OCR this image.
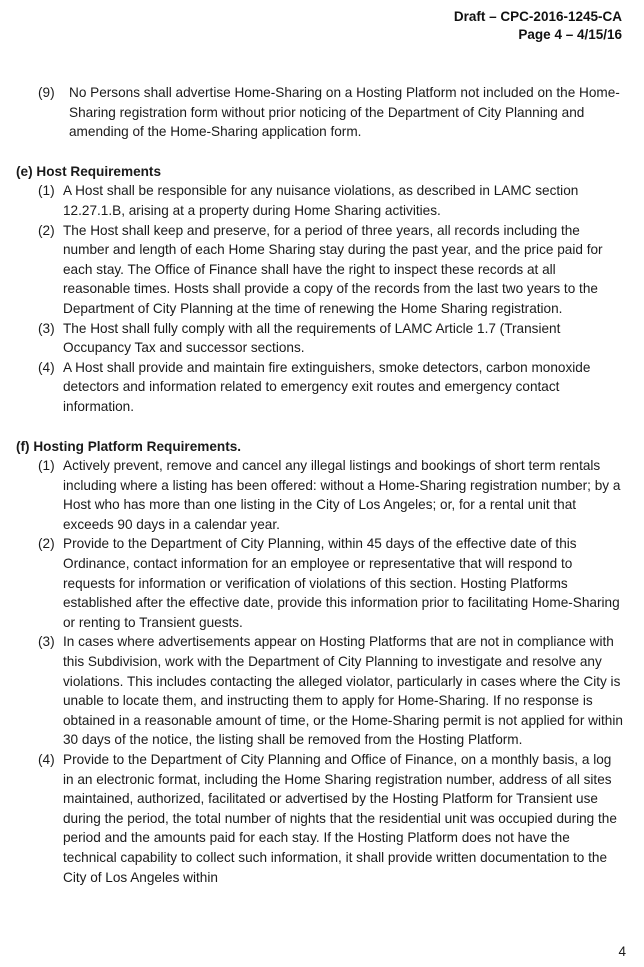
Draft – CPC-2016-1245-CA
Page 4 – 4/15/16
(9) No Persons shall advertise Home-Sharing on a Hosting Platform not included on the Home-Sharing registration form without prior noticing of the Department of City Planning and amending of the Home-Sharing application form.
(e) Host Requirements
(1) A Host shall be responsible for any nuisance violations, as described in LAMC section 12.27.1.B, arising at a property during Home Sharing activities.
(2) The Host shall keep and preserve, for a period of three years, all records including the number and length of each Home Sharing stay during the past year, and the price paid for each stay. The Office of Finance shall have the right to inspect these records at all reasonable times. Hosts shall provide a copy of the records from the last two years to the Department of City Planning at the time of renewing the Home Sharing registration.
(3) The Host shall fully comply with all the requirements of LAMC Article 1.7 (Transient Occupancy Tax and successor sections.
(4) A Host shall provide and maintain fire extinguishers, smoke detectors, carbon monoxide detectors and information related to emergency exit routes and emergency contact information.
(f) Hosting Platform Requirements.
(1) Actively prevent, remove and cancel any illegal listings and bookings of short term rentals including where a listing has been offered: without a Home-Sharing registration number; by a Host who has more than one listing in the City of Los Angeles; or, for a rental unit that exceeds 90 days in a calendar year.
(2) Provide to the Department of City Planning, within 45 days of the effective date of this Ordinance, contact information for an employee or representative that will respond to requests for information or verification of violations of this section. Hosting Platforms established after the effective date, provide this information prior to facilitating Home-Sharing or renting to Transient guests.
(3) In cases where advertisements appear on Hosting Platforms that are not in compliance with this Subdivision, work with the Department of City Planning to investigate and resolve any violations. This includes contacting the alleged violator, particularly in cases where the City is unable to locate them, and instructing them to apply for Home-Sharing. If no response is obtained in a reasonable amount of time, or the Home-Sharing permit is not applied for within 30 days of the notice, the listing shall be removed from the Hosting Platform.
(4) Provide to the Department of City Planning and Office of Finance, on a monthly basis, a log in an electronic format, including the Home Sharing registration number, address of all sites maintained, authorized, facilitated or advertised by the Hosting Platform for Transient use during the period, the total number of nights that the residential unit was occupied during the period and the amounts paid for each stay. If the Hosting Platform does not have the technical capability to collect such information, it shall provide written documentation to the City of Los Angeles within
4
